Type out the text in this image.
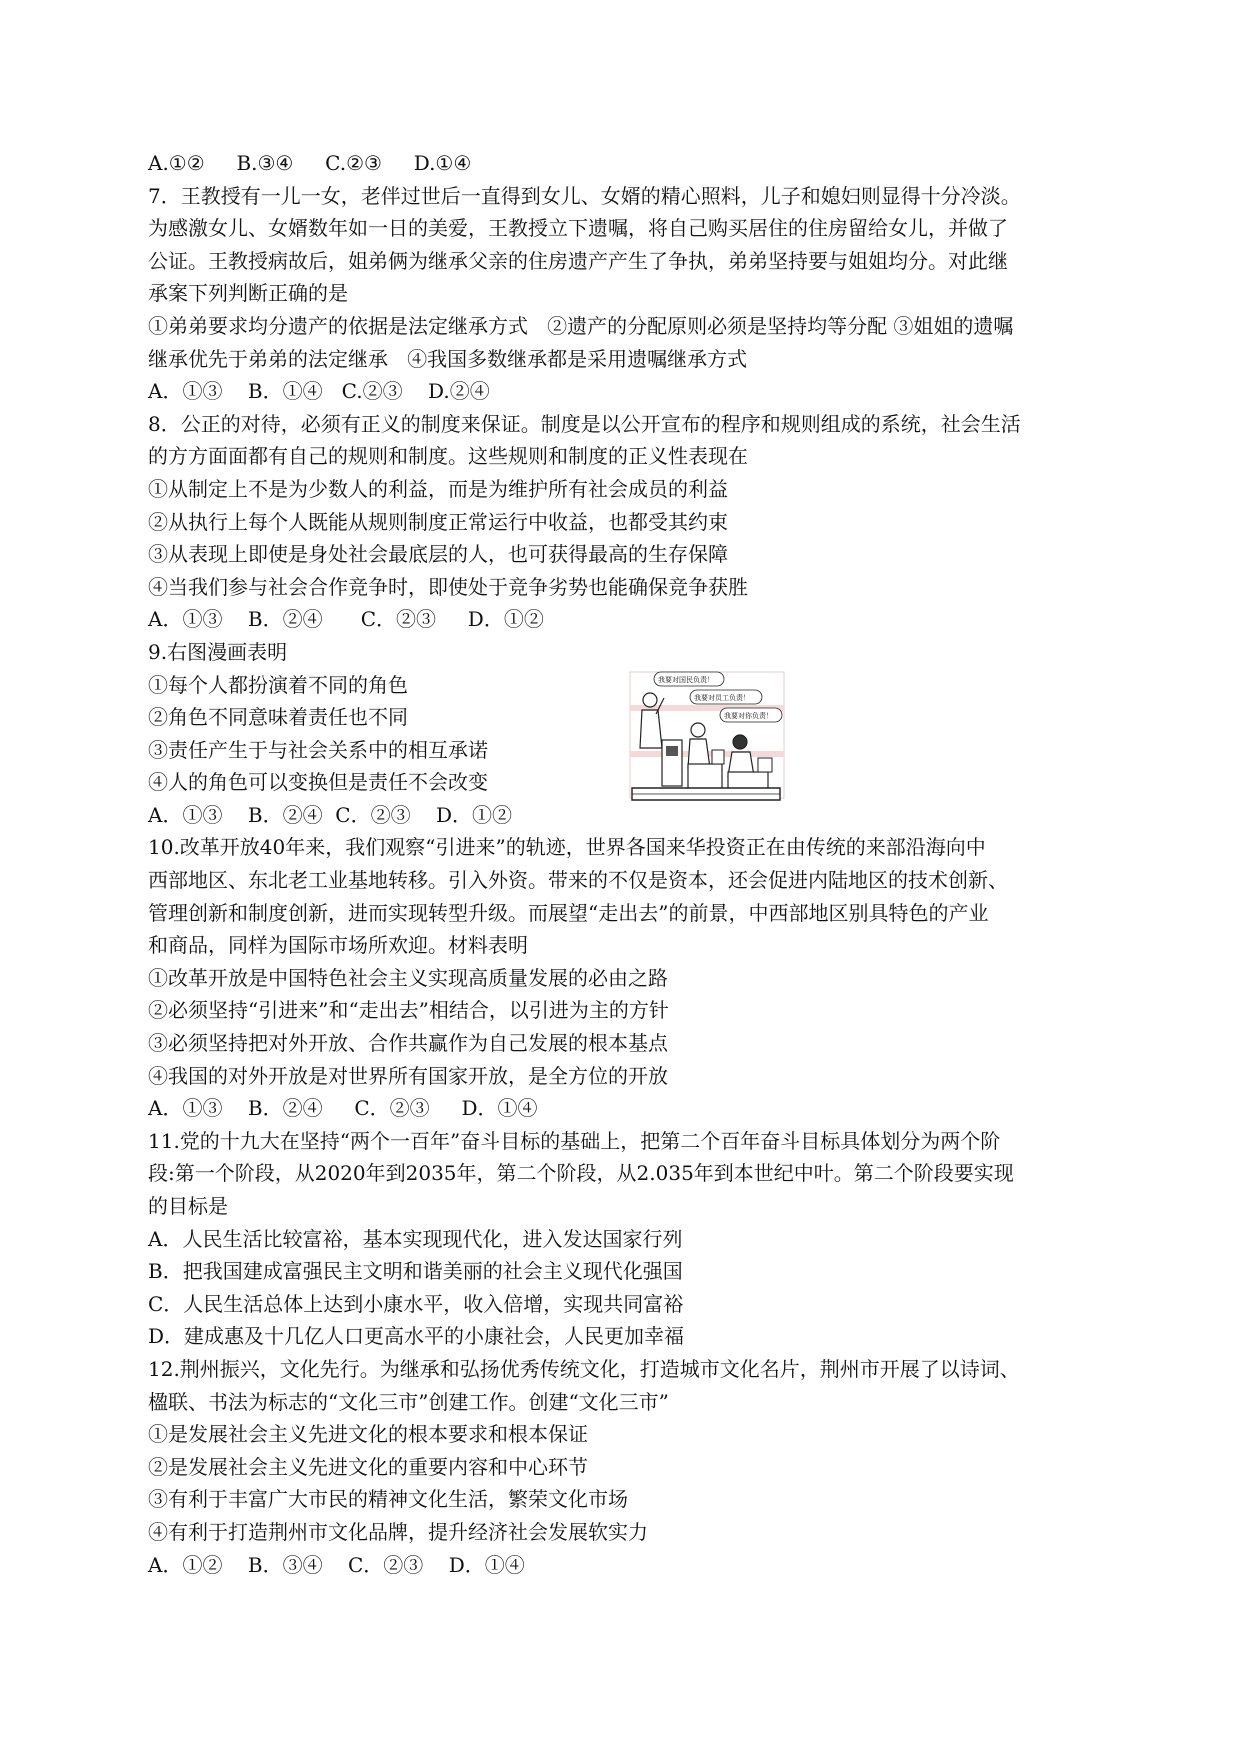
A.①②     B.③④     C.②③     D.①④
7．王教授有一儿一女，老伴过世后一直得到女儿、女婿的精心照料，儿子和媳妇则显得十分冷淡。
为感激女儿、女婿数年如一日的美爱，王教授立下遗嘱，将自己购买居住的住房留给女儿，并做了
公证。王教授病故后，姐弟俩为继承父亲的住房遗产产生了争执，弟弟坚持要与姐姐均分。对此继
承案下列判断正确的是
①弟弟要求均分遗产的依据是法定继承方式   ②遗产的分配原则必须是坚持均等分配 ③姐姐的遗嘱
继承优先于弟弟的法定继承   ④我国多数继承都是采用遗嘱继承方式
A．①③    B．①④   C.②③    D.②④
8．公正的对待，必须有正义的制度来保证。制度是以公开宣布的程序和规则组成的系统，社会生活
的方方面面都有自己的规则和制度。这些规则和制度的正义性表现在
①从制定上不是为少数人的利益，而是为维护所有社会成员的利益
②从执行上每个人既能从规则制度正常运行中收益，也都受其约束
③从表现上即使是身处社会最底层的人，也可获得最高的生存保障
④当我们参与社会合作竞争时，即使处于竞争劣势也能确保竞争获胜
A．①③    B．②④      C．②③     D．①②
9.右图漫画表明
①每个人都扮演着不同的角色
②角色不同意味着责任也不同
③责任产生于与社会关系中的相互承诺
④人的角色可以变换但是责任不会改变
A．①③    B．②④  C．②③    D．①②
10.改革开放40年来，我们观察“引进来”的轨迹，世界各国来华投资正在由传统的来部沿海向中
西部地区、东北老工业基地转移。引入外资。带来的不仅是资本，还会促进内陆地区的技术创新、
管理创新和制度创新，进而实现转型升级。而展望“走出去”的前景，中西部地区别具特色的产业
和商品，同样为国际市场所欢迎。材料表明
①改革开放是中国特色社会主义实现高质量发展的必由之路
②必须坚持“引进来”和“走出去”相结合，以引进为主的方针
③必须坚持把对外开放、合作共赢作为自己发展的根本基点
④我国的对外开放是对世界所有国家开放，是全方位的开放
A．①③    B．②④     C．②③     D．①④
11.党的十九大在坚持“两个一百年”奋斗目标的基础上，把第二个百年奋斗目标具体划分为两个阶
段:第一个阶段，从2020年到2035年，第二个阶段，从2.035年到本世纪中叶。第二个阶段要实现
的目标是
A．人民生活比较富裕，基本实现现代化，进入发达国家行列
B．把我国建成富强民主文明和谐美丽的社会主义现代化强国
C．人民生活总体上达到小康水平，收入倍增，实现共同富裕
D．建成惠及十几亿人口更高水平的小康社会，人民更加幸福
12.荆州振兴，文化先行。为继承和弘扬优秀传统文化，打造城市文化名片，荆州市开展了以诗词、
楹联、书法为标志的“文化三市”创建工作。创建“文化三市”
①是发展社会主义先进文化的根本要求和根本保证
②是发展社会主义先进文化的重要内容和中心环节
③有利于丰富广大市民的精神文化生活，繁荣文化市场
④有利于打造荆州市文化品牌，提升经济社会发展软实力
A．①②    B．③④    C．②③    D．①④
我要对国民负责！
我要对员工负责！
我要对你负责！
